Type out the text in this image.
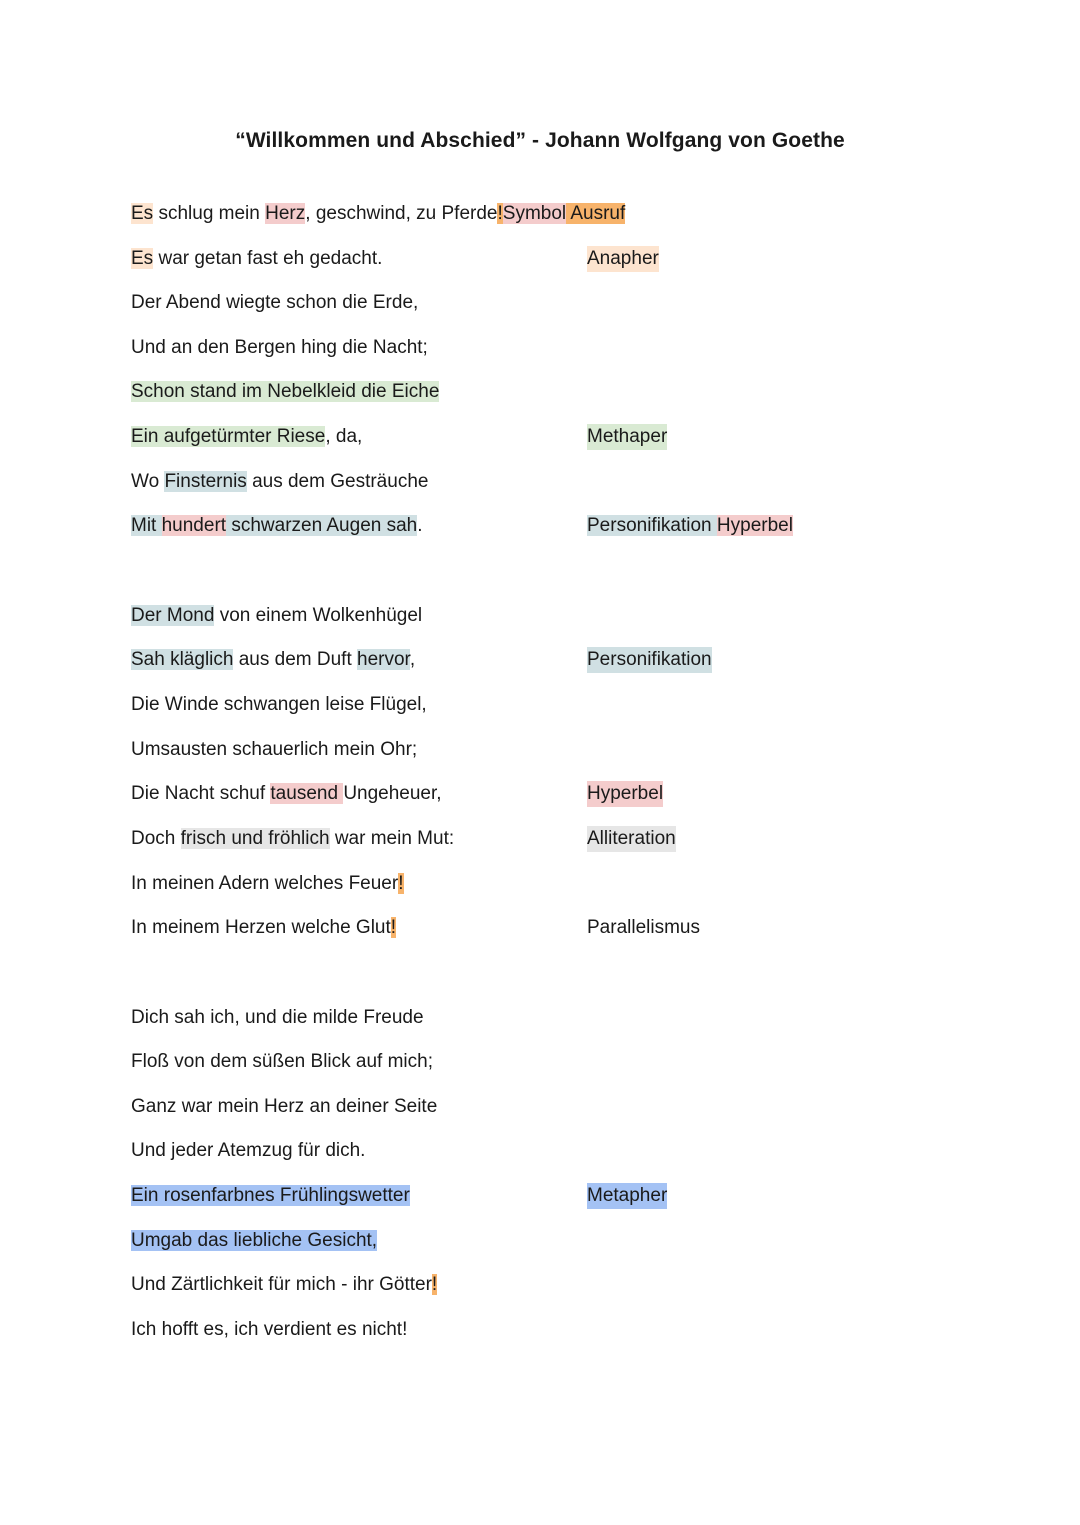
“Willkommen und Abschied” - Johann Wolfgang von Goethe
Es schlug mein Herz, geschwind, zu Pferde!Symbol Ausruf
Es war getan fast eh gedacht.	Anapher
Der Abend wiegte schon die Erde,
Und an den Bergen hing die Nacht;
Schon stand im Nebelkleid die Eiche
Ein aufgetürmter Riese, da,	Methaper
Wo Finsternis aus dem Gesträuche
Mit hundert schwarzen Augen sah.	Personifikation Hyperbel
Der Mond von einem Wolkenhügel
Sah kläglich aus dem Duft hervor,	Personifikation
Die Winde schwangen leise Flügel,
Umsausten schauerlich mein Ohr;
Die Nacht schuf tausend Ungeheuer,	Hyperbel
Doch frisch und fröhlich war mein Mut:	Alliteration
In meinen Adern welches Feuer!
In meinem Herzen welche Glut!	Parallelismus
Dich sah ich, und die milde Freude
Floß von dem süßen Blick auf mich;
Ganz war mein Herz an deiner Seite
Und jeder Atemzug für dich.
Ein rosenfarbnes Frühlingswetter	Metapher
Umgab das liebliche Gesicht,
Und Zärtlichkeit für mich - ihr Götter!
Ich hofft es, ich verdient es nicht!
